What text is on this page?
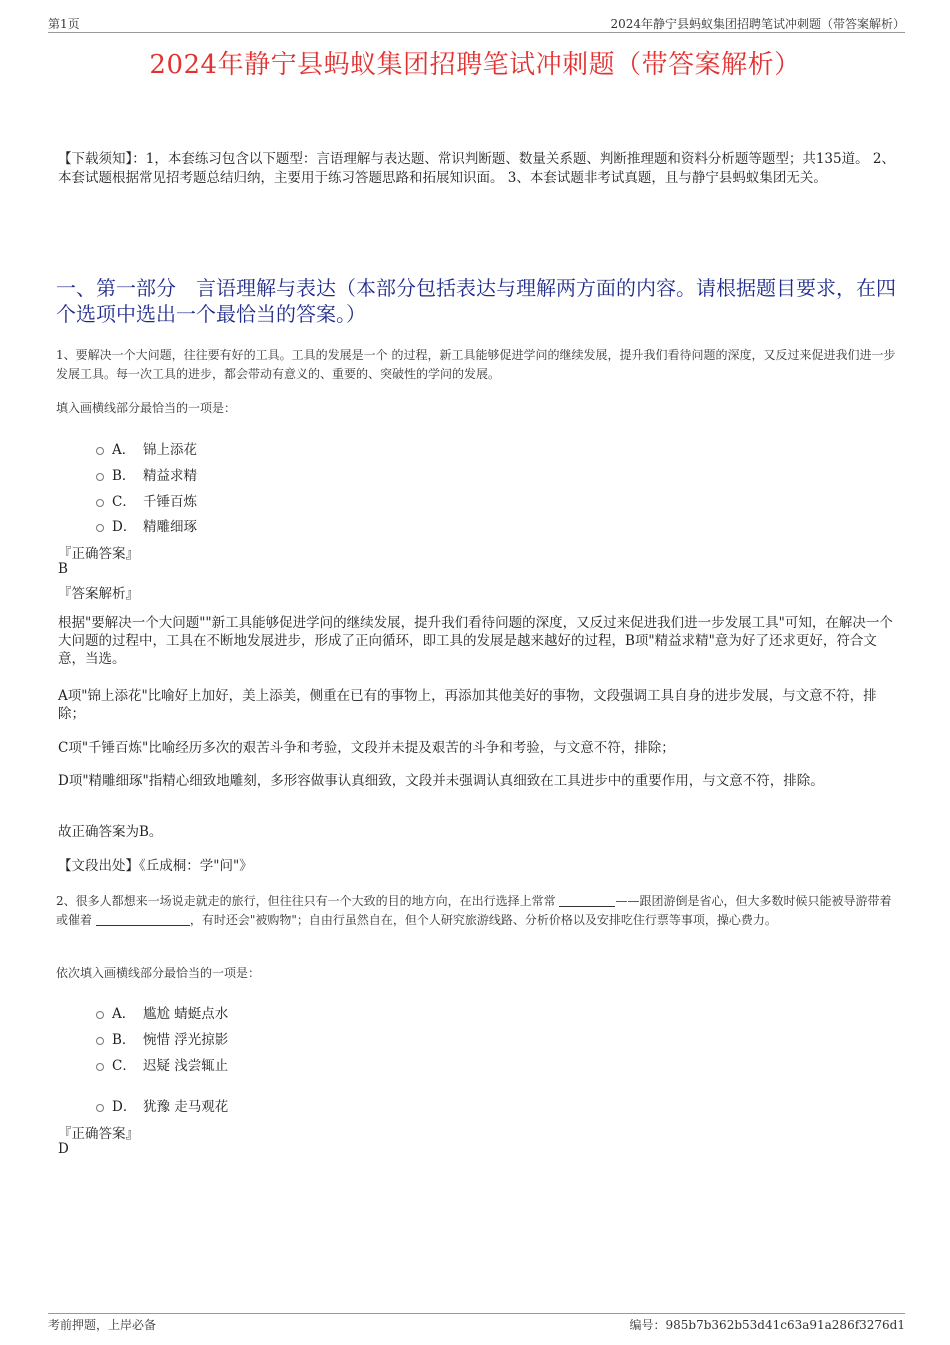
第1页	2024年静宁县蚂蚁集团招聘笔试冲刺题（带答案解析）
2024年静宁县蚂蚁集团招聘笔试冲刺题（带答案解析）
【下载须知】：1，本套练习包含以下题型：言语理解与表达题、常识判断题、数量关系题、判断推理题和资料分析题等题型；共135道。 2、本套试题根据常见招考题总结归纳，主要用于练习答题思路和拓展知识面。 3、本套试题非考试真题，且与静宁县蚂蚁集团无关。
一、第一部分　言语理解与表达（本部分包括表达与理解两方面的内容。请根据题目要求，在四个选项中选出一个最恰当的答案。）
1、要解决一个大问题，往往要有好的工具。工具的发展是一个 的过程，新工具能够促进学问的继续发展，提升我们看待问题的深度，又反过来促进我们进一步发展工具。每一次工具的进步，都会带动有意义的、重要的、突破性的学问的发展。
填入画横线部分最恰当的一项是：
A． 锦上添花
B． 精益求精
C． 千锤百炼
D． 精雕细琢
『正确答案』
B
『答案解析』
根据"要解决一个大问题""新工具能够促进学问的继续发展，提升我们看待问题的深度，又反过来促进我们进一步发展工具"可知，在解决一个大问题的过程中，工具在不断地发展进步，形成了正向循环，即工具的发展是越来越好的过程，B项"精益求精"意为好了还求更好，符合文意，当选。
A项"锦上添花"比喻好上加好，美上添美，侧重在已有的事物上，再添加其他美好的事物，文段强调工具自身的进步发展，与文意不符，排除；
C项"千锤百炼"比喻经历多次的艰苦斗争和考验，文段并未提及艰苦的斗争和考验，与文意不符，排除；
D项"精雕细琢"指精心细致地雕刻，多形容做事认真细致，文段并未强调认真细致在工具进步中的重要作用，与文意不符，排除。
故正确答案为B。
【文段出处】《丘成桐：学"问"》
2、很多人都想来一场说走就走的旅行，但往往只有一个大致的目的地方向，在出行选择上常常	——跟团游倒是省心，但大多数时候只能被导游带着或催着	，有时还会"被购物"；自由行虽然自在，但个人研究旅游线路、分析价格以及安排吃住行票等事项，操心费力。
依次填入画横线部分最恰当的一项是：
A． 尴尬 蜻蜓点水
B． 惋惜 浮光掠影
C． 迟疑 浅尝辄止
D． 犹豫 走马观花
『正确答案』
D
考前押题，上岸必备	编号：985b7b362b53d41c63a91a286f3276d1
